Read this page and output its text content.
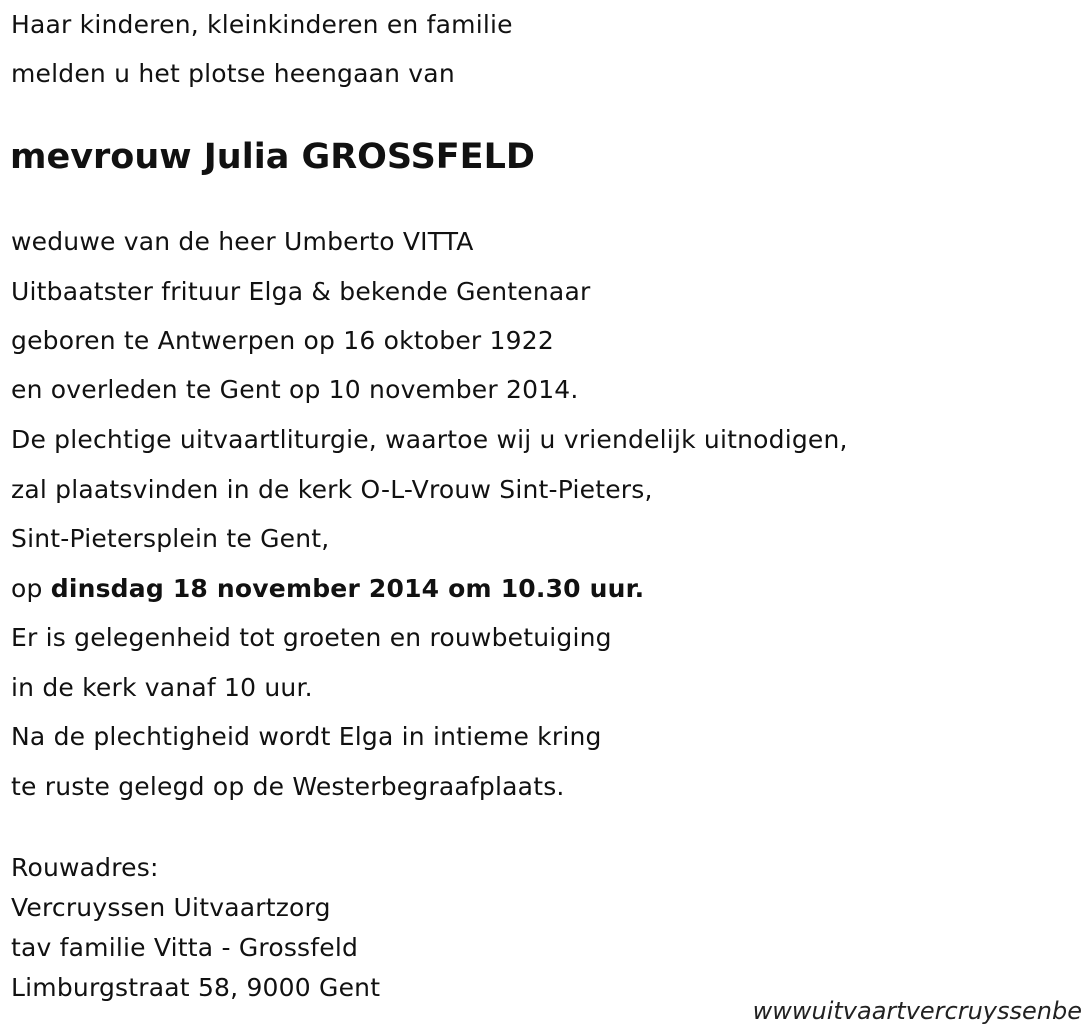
Haar kinderen, kleinkinderen en familie
melden u het plotse heengaan van
mevrouw Julia GROSSFELD
weduwe van de heer Umberto VITTA
Uitbaatster frituur Elga & bekende Gentenaar
geboren te Antwerpen op 16 oktober 1922
en overleden te Gent op 10 november 2014.
De plechtige uitvaartliturgie, waartoe wij u vriendelijk uitnodigen,
zal plaatsvinden in de kerk O-L-Vrouw Sint-Pieters,
Sint-Pietersplein te Gent,
op dinsdag 18 november 2014 om 10.30 uur.
Er is gelegenheid tot groeten en rouwbetuiging
in de kerk vanaf 10 uur.
Na de plechtigheid wordt Elga in intieme kring
te ruste gelegd op de Westerbegraafplaats.
Rouwadres:
Vercruyssen Uitvaartzorg
tav familie Vitta - Grossfeld
Limburgstraat 58, 9000 Gent
wwwuitvaartvercruyssenbe
